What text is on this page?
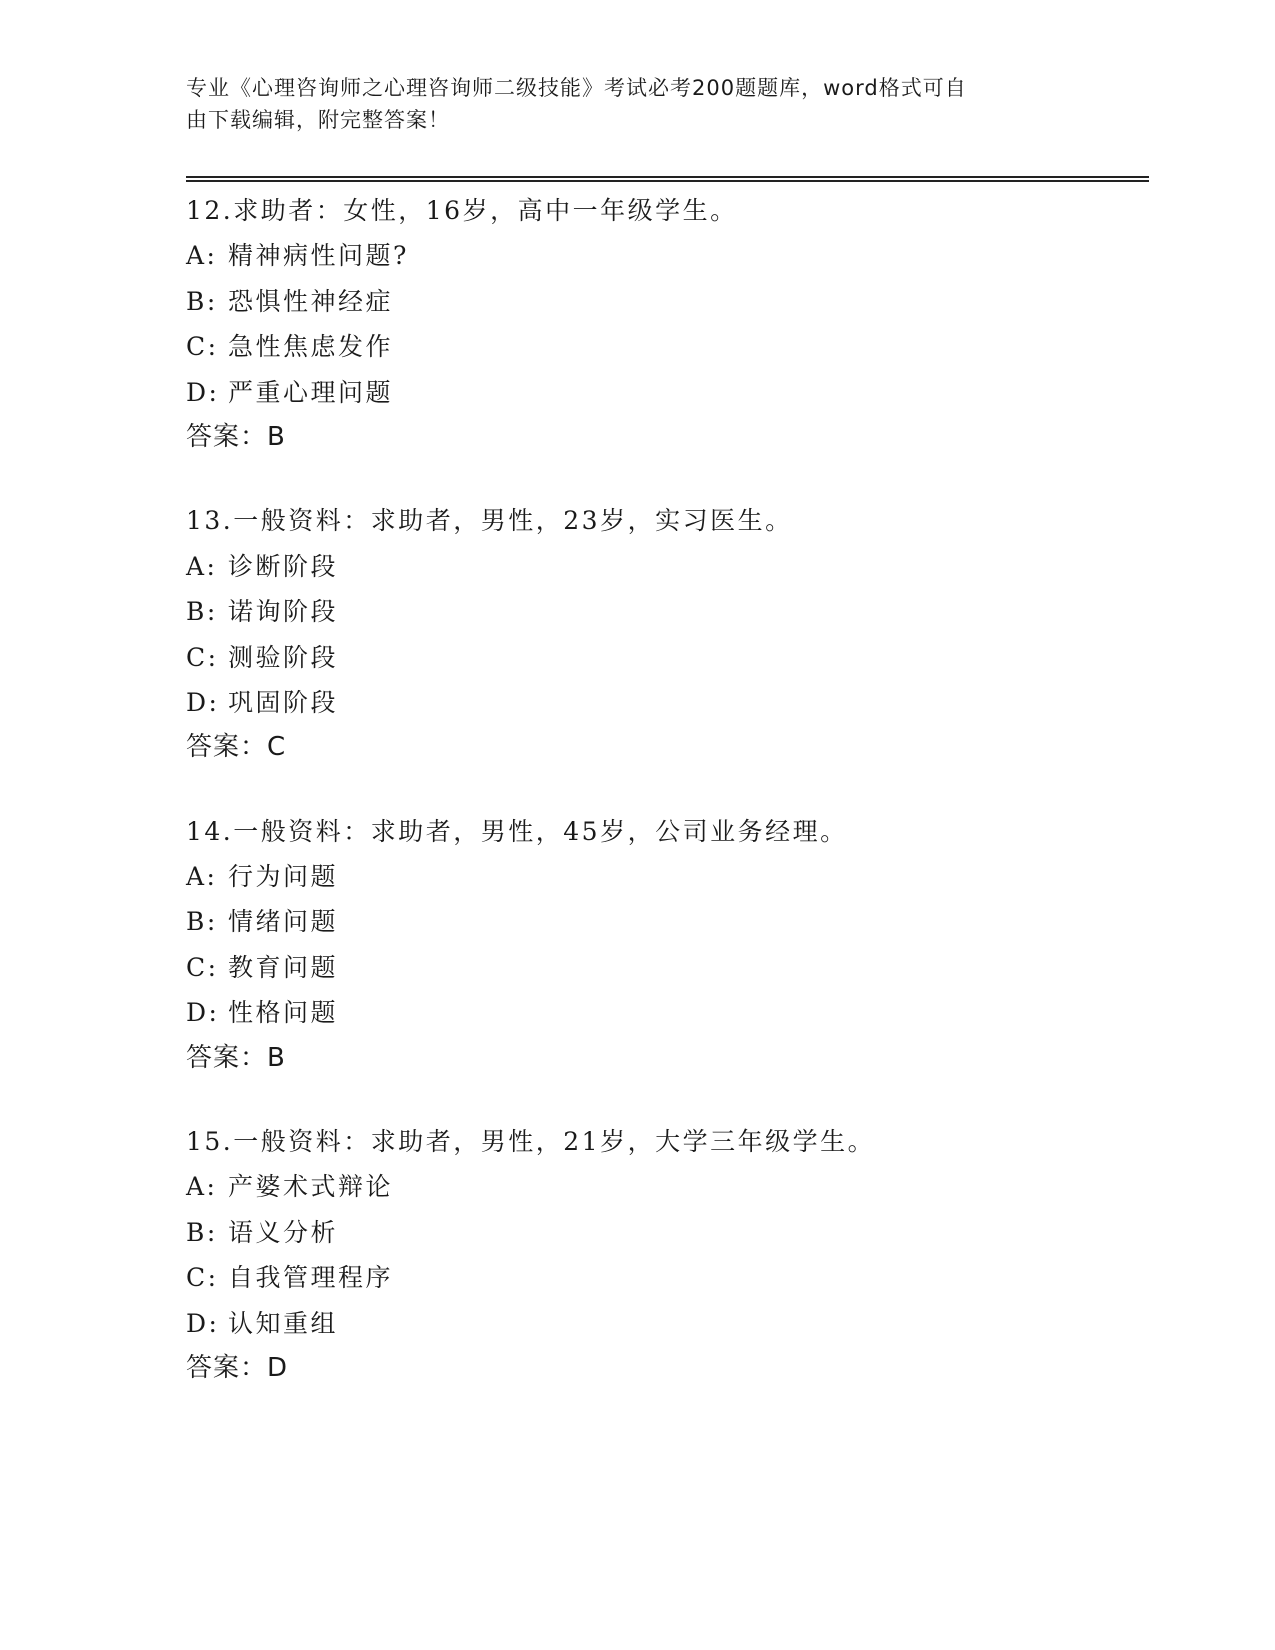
专业《心理咨询师之心理咨询师二级技能》考试必考200题题库，word格式可自
由下载编辑，附完整答案！
12.求助者：女性，16岁，高中一年级学生。
A: 精神病性问题?
B: 恐惧性神经症
C: 急性焦虑发作
D: 严重心理问题
答案：B
13.一般资料：求助者，男性，23岁，实习医生。
A: 诊断阶段
B: 诺询阶段
C: 测验阶段
D: 巩固阶段
答案：C
14.一般资料：求助者，男性，45岁，公司业务经理。
A: 行为问题
B: 情绪问题
C: 教育问题
D: 性格问题
答案：B
15.一般资料：求助者，男性，21岁，大学三年级学生。
A: 产婆术式辩论
B: 语义分析
C: 自我管理程序
D: 认知重组
答案：D
